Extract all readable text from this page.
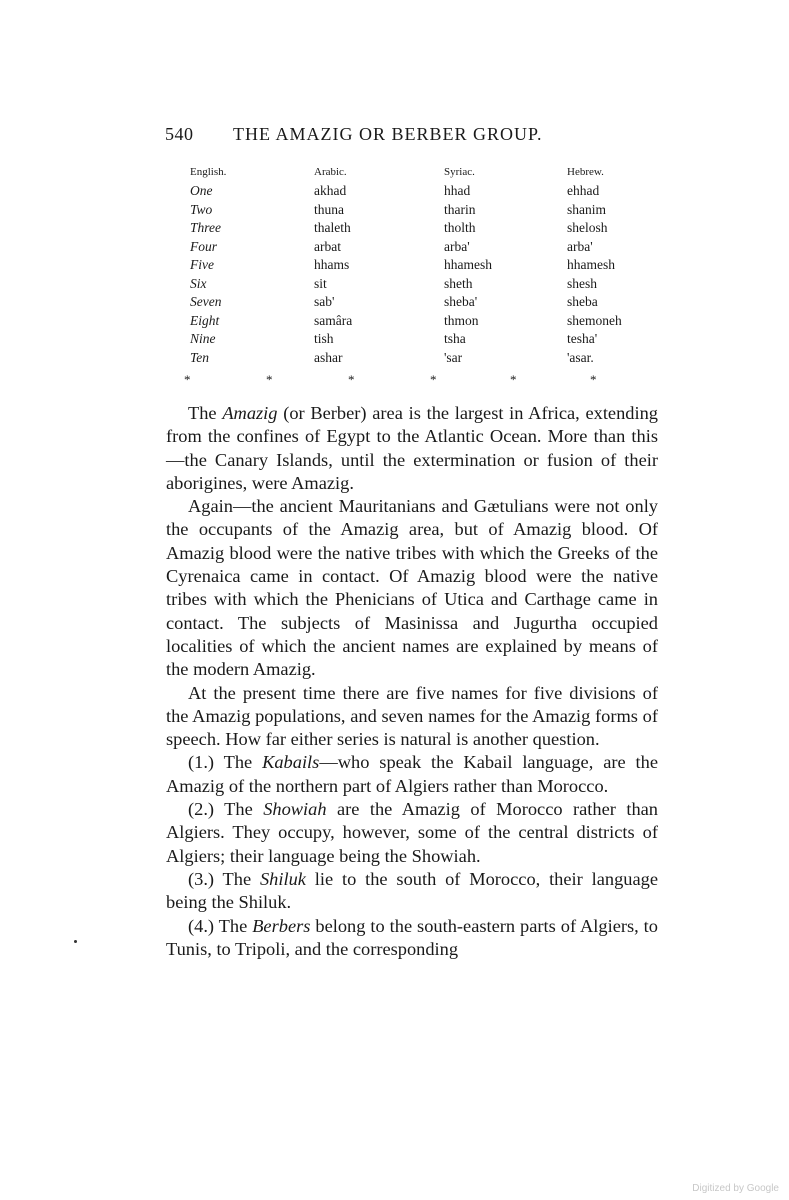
540 THE AMAZIG OR BERBER GROUP.
English.	Arabic.	Syriac.	Hebrew.
One	akhad	hhad	ehhad
Two	thuna	tharin	shanim
Three	thaleth	tholth	shelosh
Four	arbat	arba'	arba'
Five	hhams	hhamesh	hhamesh
Six	sit	sheth	shesh
Seven	sab'	sheba'	sheba
Eight	samâra	thmon	shemoneh
Nine	tish	tsha	tesha'
Ten	ashar	'sar	'asar.
*	*	*	*	*	*

The Amazig (or Berber) area is the largest in Africa, extending from the confines of Egypt to the Atlantic Ocean. More than this—the Canary Islands, until the extermination or fusion of their aborigines, were Amazig.

Again—the ancient Mauritanians and Gætulians were not only the occupants of the Amazig area, but of Amazig blood. Of Amazig blood were the native tribes with which the Greeks of the Cyrenaica came in contact. Of Amazig blood were the native tribes with which the Phenicians of Utica and Carthage came in contact. The subjects of Masinissa and Jugurtha occupied localities of which the ancient names are explained by means of the modern Amazig.

At the present time there are five names for five divisions of the Amazig populations, and seven names for the Amazig forms of speech. How far either series is natural is another question.

(1.) The Kabails—who speak the Kabail language, are the Amazig of the northern part of Algiers rather than Morocco.

(2.) The Showiah are the Amazig of Morocco rather than Algiers. They occupy, however, some of the central districts of Algiers; their language being the Showiah.

(3.) The Shiluk lie to the south of Morocco, their language being the Shiluk.

(4.) The Berbers belong to the south-eastern parts of Algiers, to Tunis, to Tripoli, and the corresponding

Digitized by Google
